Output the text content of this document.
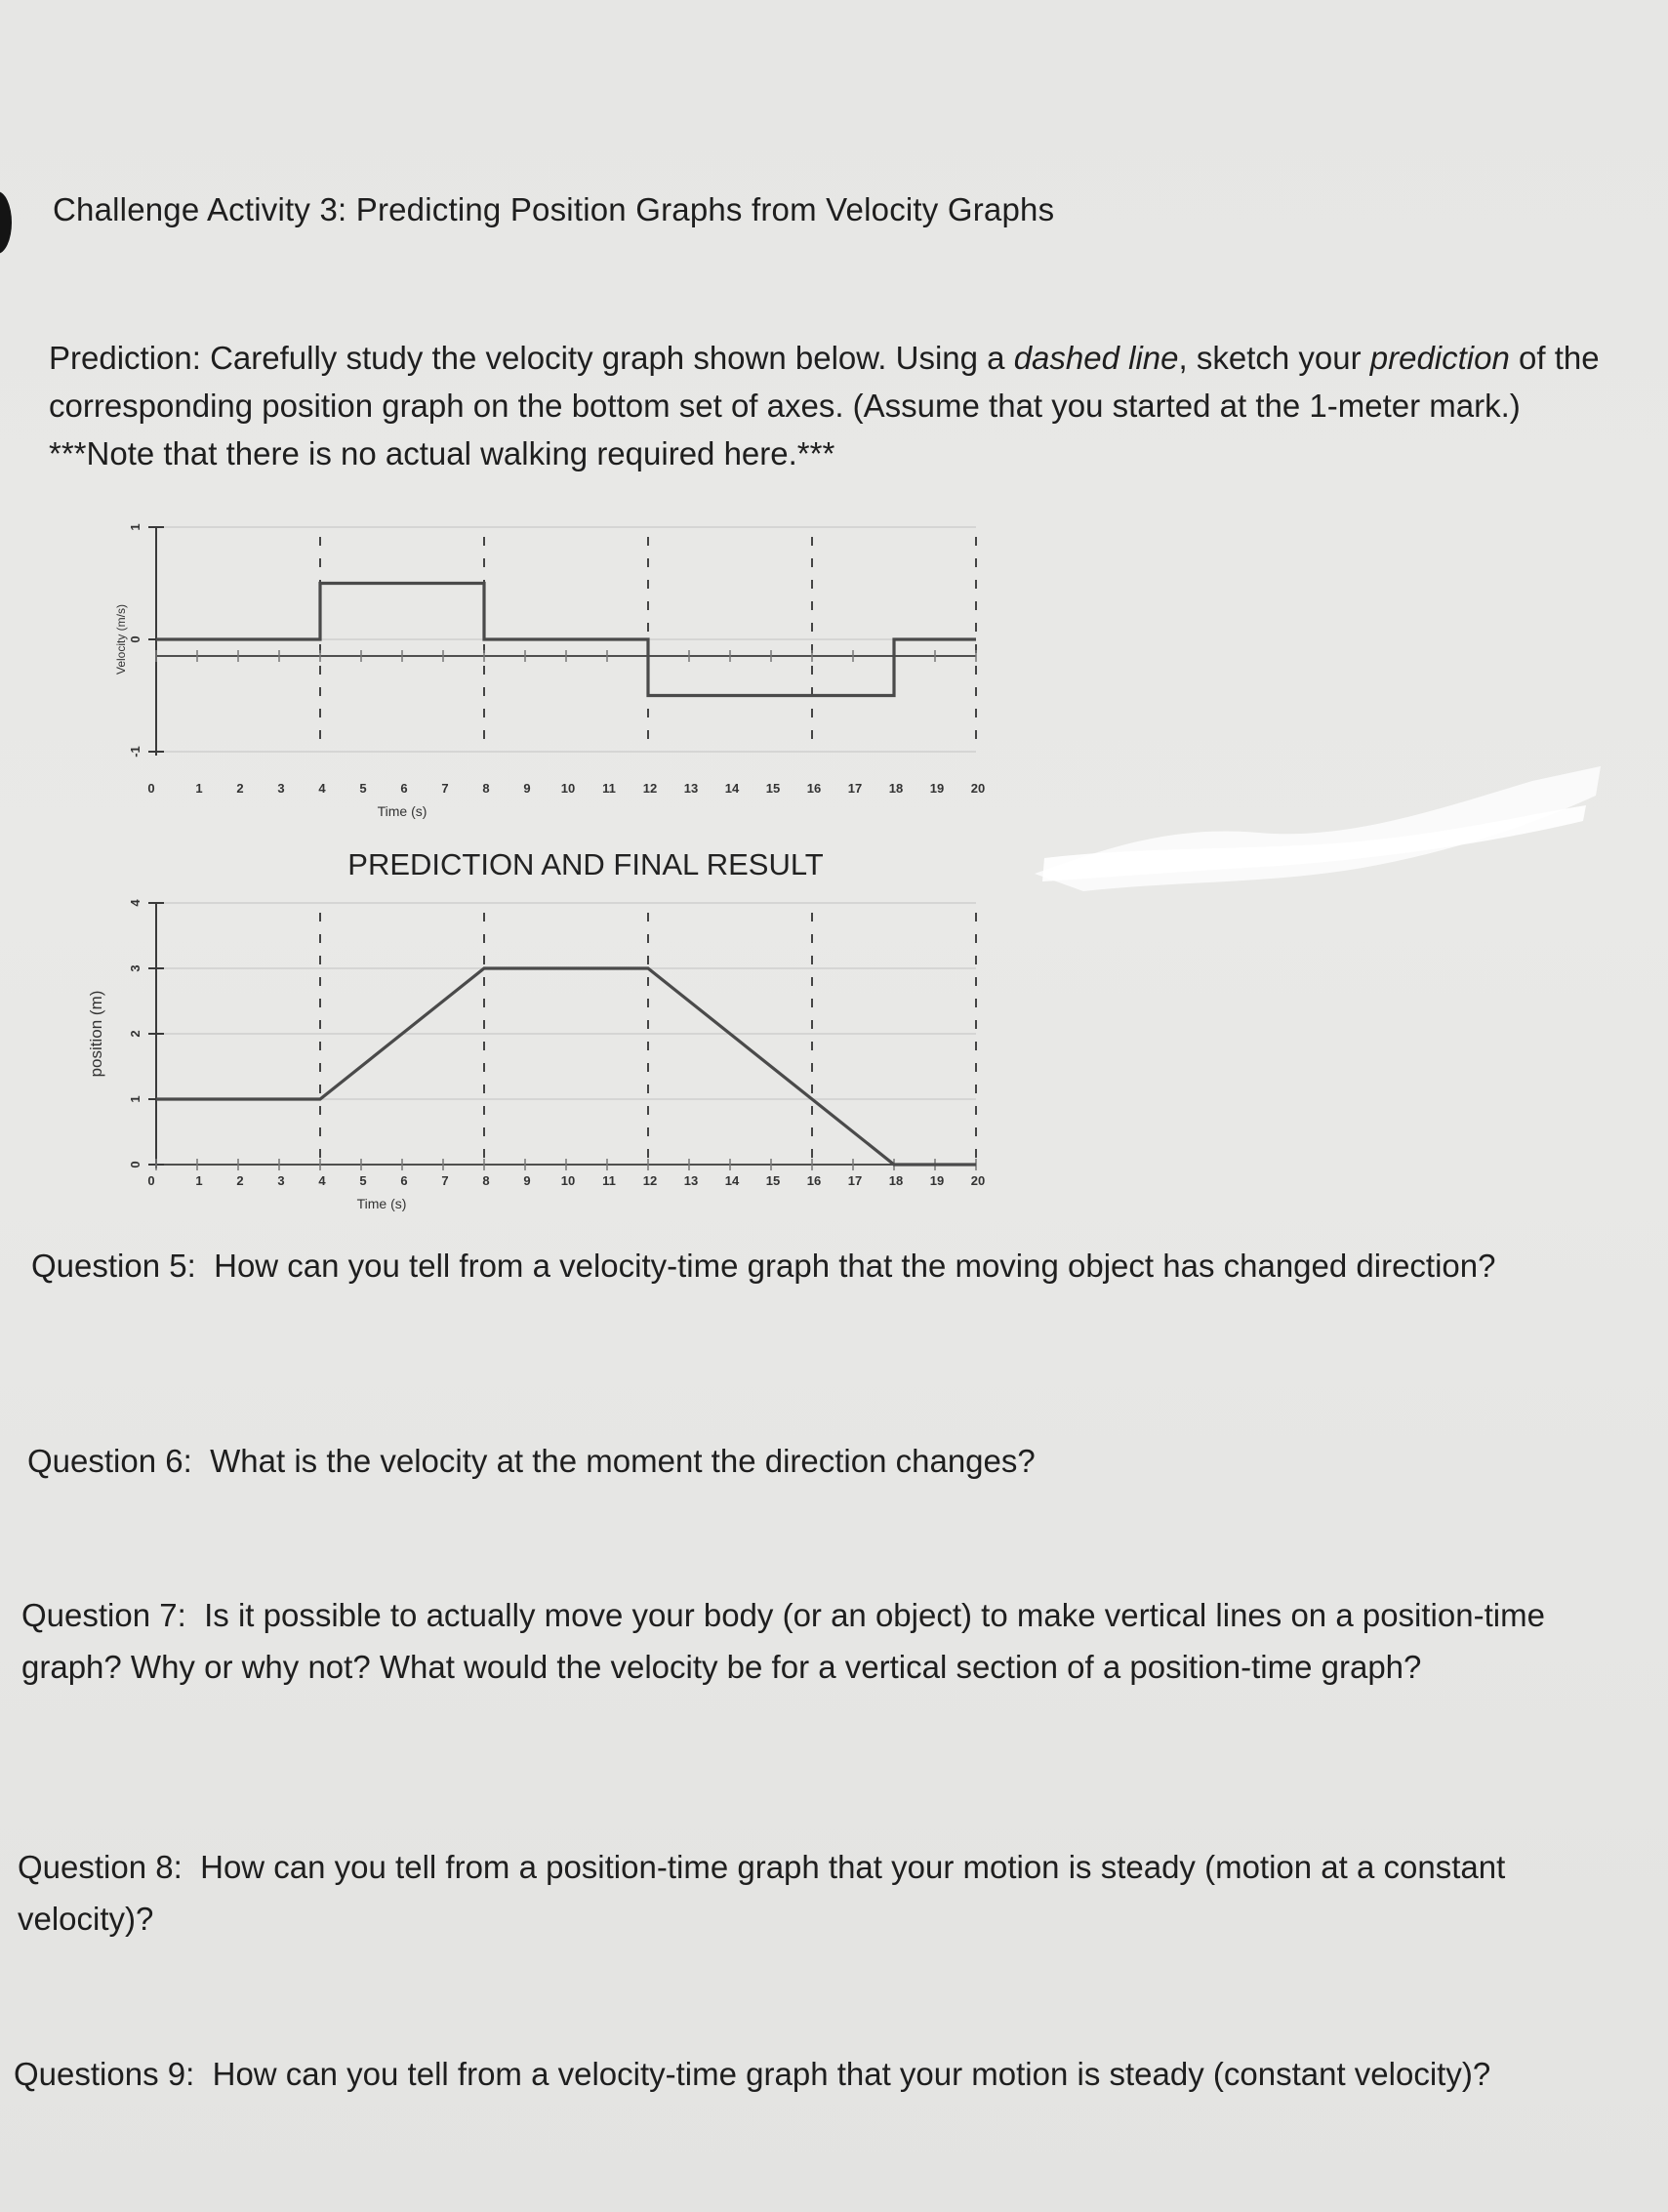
Challenge Activity 3: Predicting Position Graphs from Velocity Graphs

Prediction: Carefully study the velocity graph shown below. Using a dashed line, sketch your prediction of the corresponding position graph on the bottom set of axes. (Assume that you started at the 1-meter mark.) ***Note that there is no actual walking required here.***

-1
0
1
0	1	2	3	4	5	6	7	8	9 10 11 12 13 14 15 16 17 18 19 20
Time (s)
Velocity (m/s)
PREDICTION AND FINAL RESULT
0
1
2
3
4
0	1	2	3	4	5	6	7	8	9 10 11 12 13 14 15 16 17 18 19 20
Time (s)
position (m)

Question 5: How can you tell from a velocity-time graph that the moving object has changed direction?

Question 6: What is the velocity at the moment the direction changes?

Question 7: Is it possible to actually move your body (or an object) to make vertical lines on a position-time graph? Why or why not? What would the velocity be for a vertical section of a position-time graph?

Question 8: How can you tell from a position-time graph that your motion is steady (motion at a constant velocity)?

Questions 9: How can you tell from a velocity-time graph that your motion is steady (constant velocity)?
